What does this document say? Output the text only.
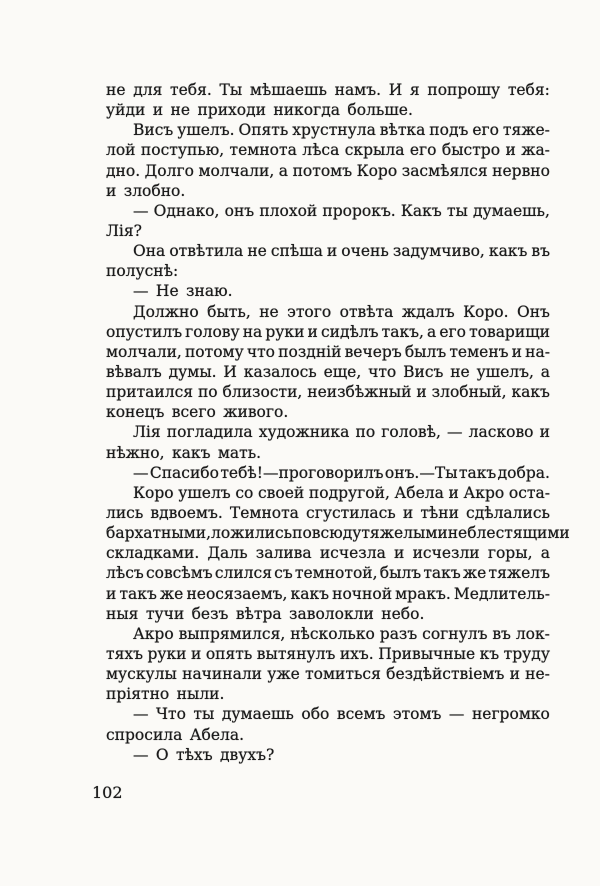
не для тебя. Ты мѣшаешь намъ. И я попрошу тебя:
уйди и не приходи никогда больше.
Висъ ушелъ. Опять хрустнула вѣтка подъ его тяже-
лой поступью, темнота лѣса скрыла его быстро и жа-
дно. Долго молчали, а потомъ Коро засмѣялся нервно
и злобно.
— Однако, онъ плохой пророкъ. Какъ ты думаешь,
Лія?
Она отвѣтила не спѣша и очень задумчиво, какъ въ
полуснѣ:
— Не знаю.
Должно быть, не этого отвѣта ждалъ Коро. Онъ
опустилъ голову на руки и сидѣлъ такъ, а его товарищи
молчали, потому что поздній вечеръ былъ теменъ и на-
вѣвалъ думы. И казалось еще, что Висъ не ушелъ, а
притаился по близости, неизбѣжный и злобный, какъ
конецъ всего живого.
Лія погладила художника по головѣ, — ласково и
нѣжно, какъ мать.
— Спасибо тебѣ!—проговорилъ онъ.—Ты такъ добра.
Коро ушелъ со своей подругой, Абела и Акро оста-
лись вдвоемъ. Темнота сгустилась и тѣни сдѣлались
бархатными, ложились повсюду тяжелыми неблестящими
складками. Даль залива исчезла и исчезли горы, а
лѣсъ совсѣмъ слился съ темнотой, былъ такъ же тяжелъ
и такъ же неосязаемъ, какъ ночной мракъ. Медлитель-
ныя тучи безъ вѣтра заволокли небо.
Акро выпрямился, нѣсколько разъ согнулъ въ лок-
тяхъ руки и опять вытянулъ ихъ. Привычные къ труду
мускулы начинали уже томиться бездѣйствіемъ и не-
пріятно ныли.
— Что ты думаешь обо всемъ этомъ — негромко
спросила Абела.
— О тѣхъ двухъ?
102
